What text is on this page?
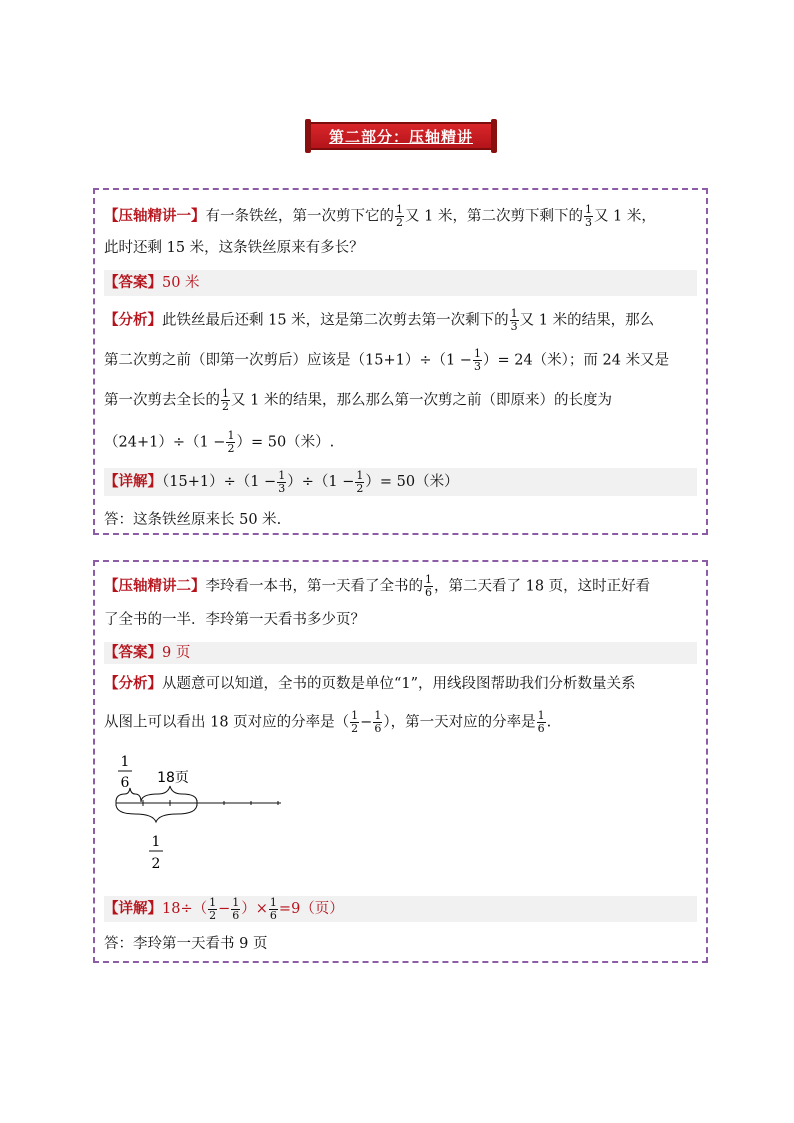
第二部分：压轴精讲
【压轴精讲一】有一条铁丝，第一次剪下它的 $\frac{1}{2}$ 又 1 米，第二次剪下剩下的 $\frac{1}{3}$ 又 1 米，
此时还剩 15 米，这条铁丝原来有多长？
【答案】50 米
【分析】此铁丝最后还剩 15 米，这是第二次剪去第一次剩下的 $\frac{1}{3}$ 又 1 米的结果，那么
第二次剪之前（即第一次剪后）应该是$(15+1)\div(1 - \frac{1}{3}$ ）= 24（米）；而 24 米又是
第一次剪去全长的 $\frac{1}{2}$ 又 1 米的结果，那么那么第一次剪之前（即原来）的长度为
$(24+1)\div(1 - \frac{1}{2}$ ）= 50（米）.
【详解】$(15+1)\div(1 - \frac{1}{3} )\div(1 - \frac{1}{2}$ ）= 50（米）
答：这条铁丝原来长 50 米.
【压轴精讲二】李玲看一本书，第一天看了全书的 $\frac{1}{6}$ ，第二天看了 18 页，这时正好看
了全书的一半．李玲第一天看书多少页？
【答案】9 页
【分析】从题意可以知道，全书的页数是单位“1”，用线段图帮助我们分析数量关系
从图上可以看出 18 页对应的分率是（ $\frac{1}{2} - \frac{1}{6}$ ），第一天对应的分率是 $\frac{1}{6}$ .
1
6 18页
1
2
【详解】$18\div( \frac{1}{2} - \frac{1}{6}$ ）× $\frac{1}{6} =9$（页）
答：李玲第一天看书 9 页
